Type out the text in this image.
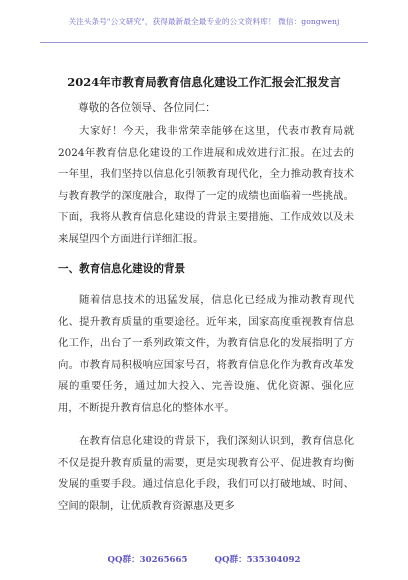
关注头条号"公文研究"，获得最新最全最专业的公文资料库！ 微信：gongwenj
2024年市教育局教育信息化建设工作汇报会汇报发言
尊敬的各位领导、各位同仁：

大家好！今天，我非常荣幸能够在这里，代表市教育局就2024年教育信息化建设的工作进展和成效进行汇报。在过去的一年里，我们坚持以信息化引领教育现代化，全力推动教育技术与教育教学的深度融合，取得了一定的成绩也面临着一些挑战。下面，我将从教育信息化建设的背景主要措施、工作成效以及未来展望四个方面进行详细汇报。

一、教育信息化建设的背景

随着信息技术的迅猛发展，信息化已经成为推动教育现代化、提升教育质量的重要途径。近年来，国家高度重视教育信息化工作，出台了一系列政策文件，为教育信息化的发展指明了方向。市教育局积极响应国家号召，将教育信息化作为教育改革发展的重要任务，通过加大投入、完善设施、优化资源、强化应用，不断提升教育信息化的整体水平。

在教育信息化建设的背景下，我们深刻认识到，教育信息化不仅是提升教育质量的需要，更是实现教育公平、促进教育均衡发展的重要手段。通过信息化手段，我们可以打破地域、时间、空间的限制，让优质教育资源惠及更多

QQ群：30265665	QQ群：535304092
